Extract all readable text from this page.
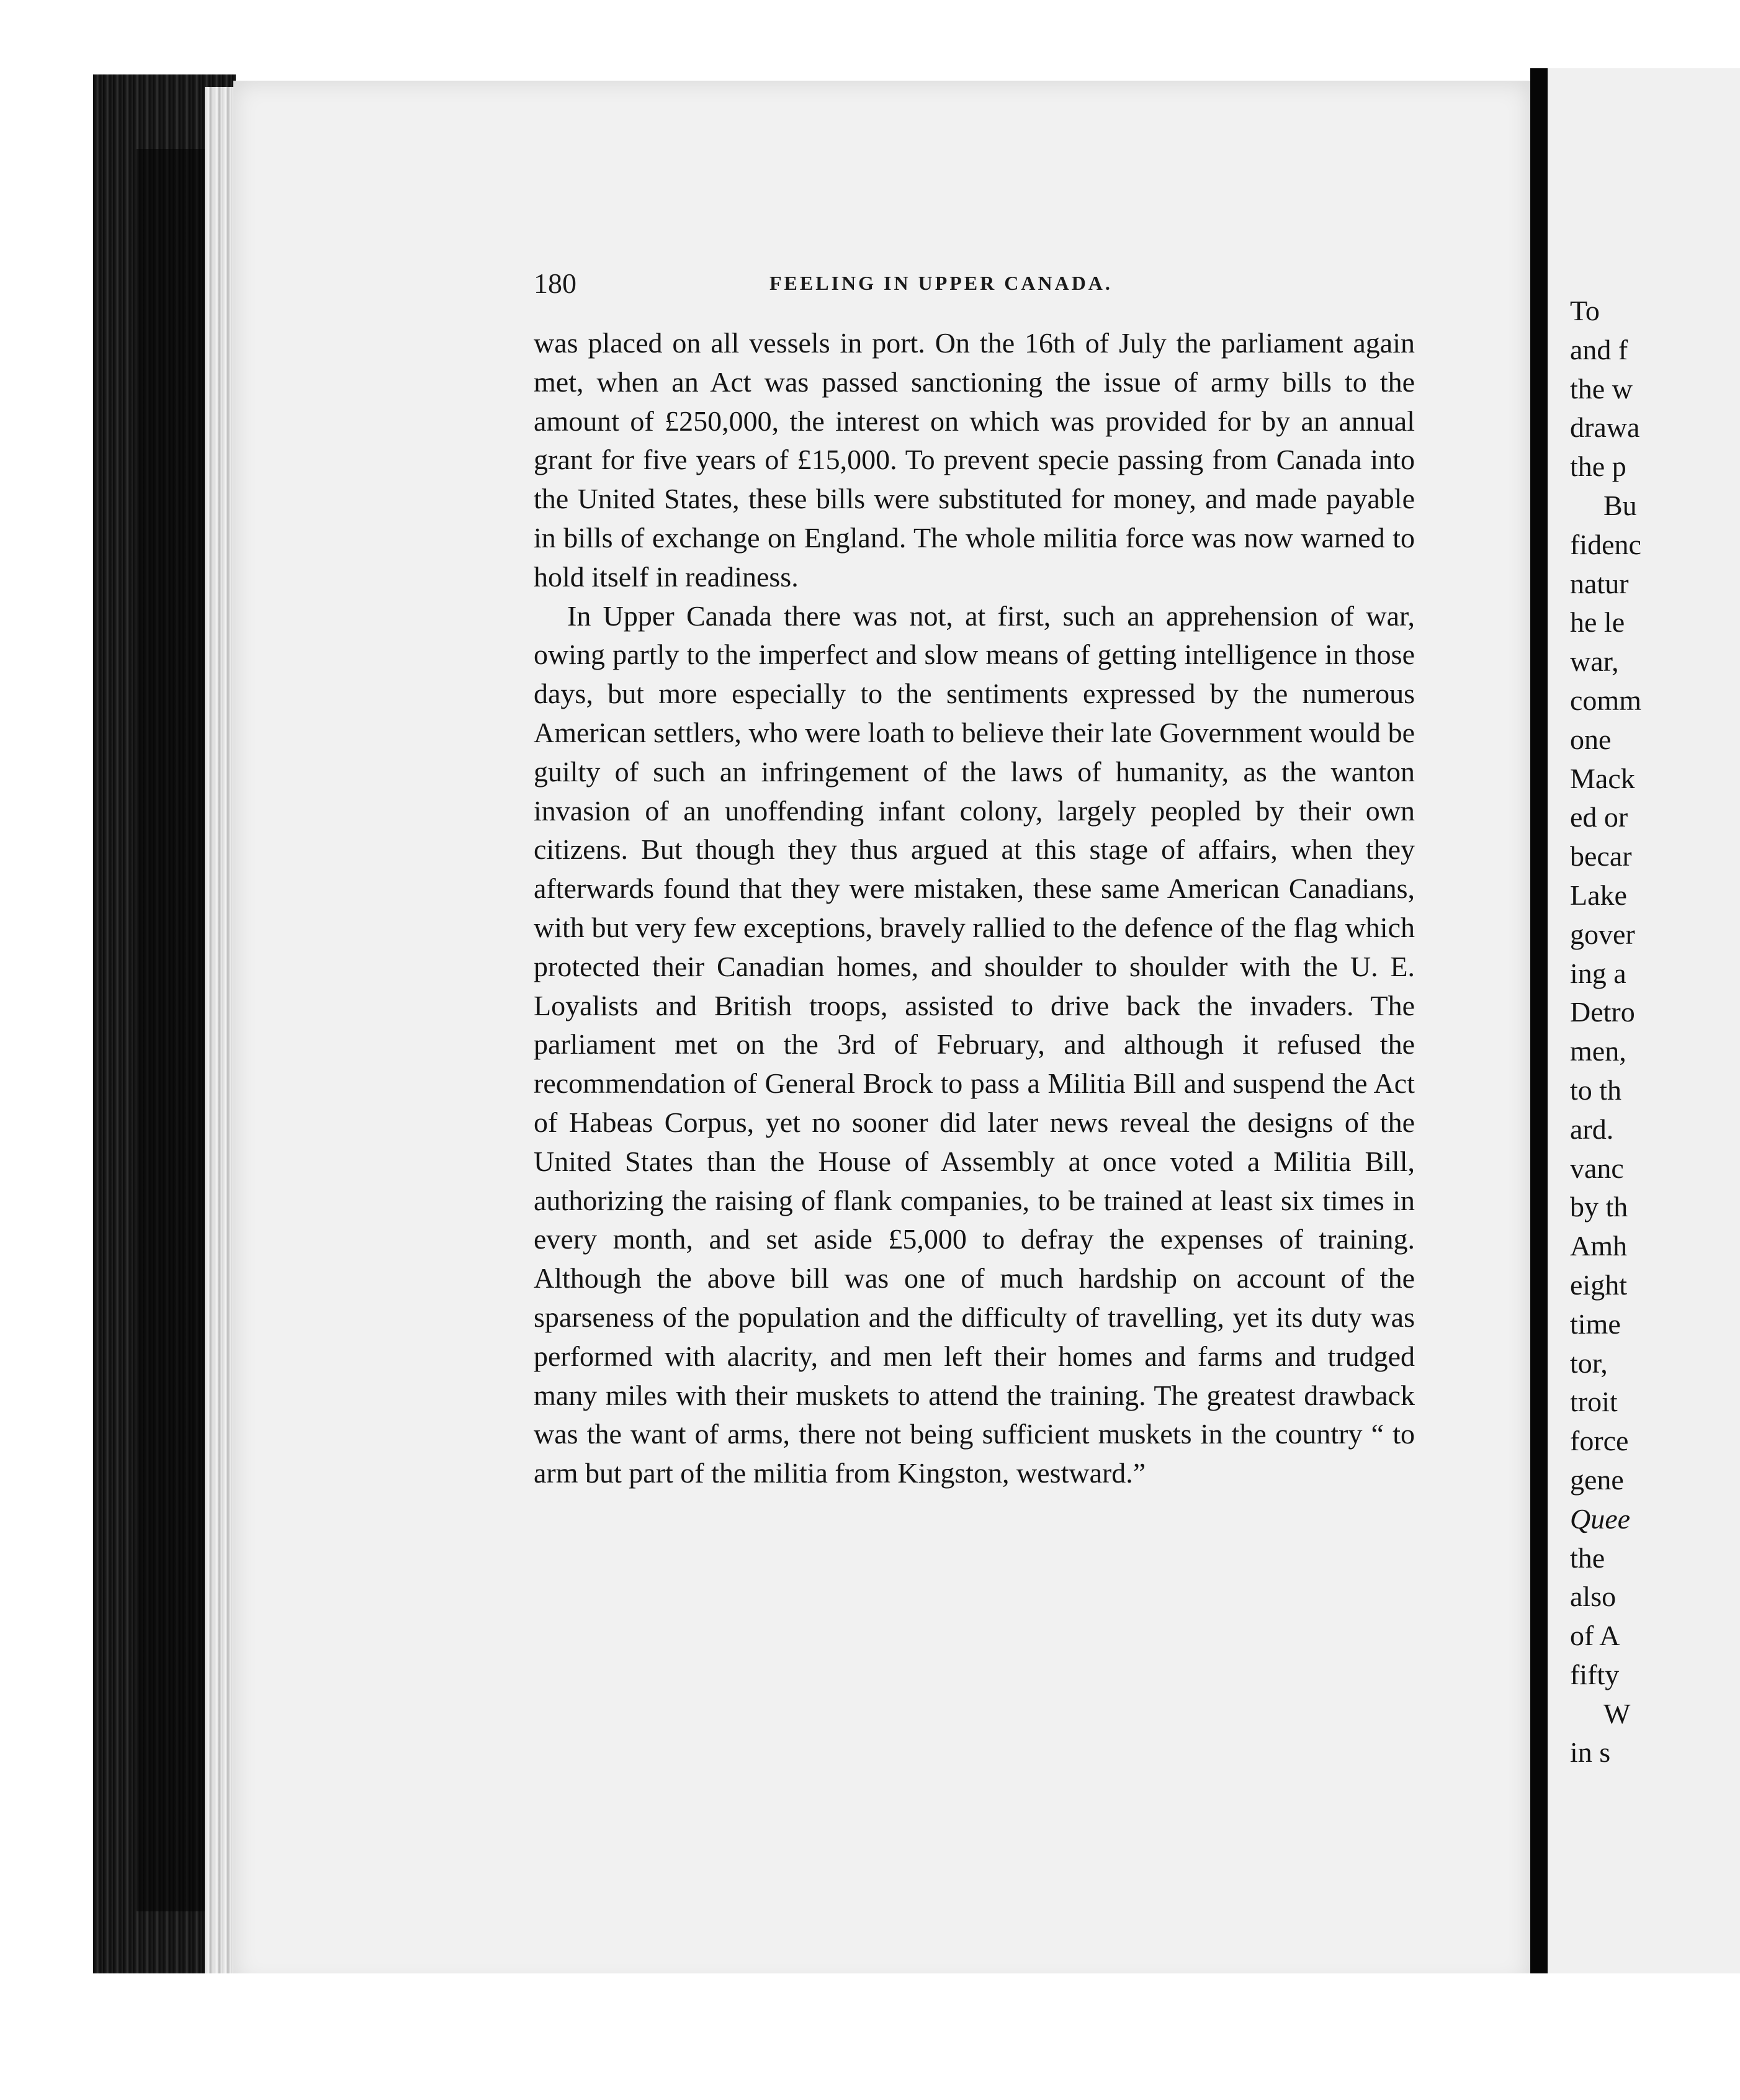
180	FEELING IN UPPER CANADA.

was placed on all vessels in port. On the 16th of July the parliament again met, when an Act was passed sanctioning the issue of army bills to the amount of £250,000, the interest on which was provided for by an annual grant for five years of £15,000. To prevent specie passing from Canada into the United States, these bills were substituted for money, and made payable in bills of exchange on England. The whole militia force was now warned to hold itself in readiness.

In Upper Canada there was not, at first, such an apprehension of war, owing partly to the imperfect and slow means of getting intelligence in those days, but more especially to the sentiments expressed by the numerous American settlers, who were loath to believe their late Government would be guilty of such an infringement of the laws of humanity, as the wanton invasion of an unoffending infant colony, largely peopled by their own citizens. But though they thus argued at this stage of affairs, when they afterwards found that they were mistaken, these same American Canadians, with but very few exceptions, bravely rallied to the defence of the flag which protected their Canadian homes, and shoulder to shoulder with the U. E. Loyalists and British troops, assisted to drive back the invaders. The parliament met on the 3rd of February, and although it refused the recommendation of General Brock to pass a Militia Bill and suspend the Act of Habeas Corpus, yet no sooner did later news reveal the designs of the United States than the House of Assembly at once voted a Militia Bill, authorizing the raising of flank companies, to be trained at least six times in every month, and set aside £5,000 to defray the expenses of training. Although the above bill was one of much hardship on account of the sparseness of the population and the difficulty of travelling, yet its duty was performed with alacrity, and men left their homes and farms and trudged many miles with their muskets to attend the training. The greatest drawback was the want of arms, there not being sufficient muskets in the country “ to arm but part of the militia from Kingston, westward.”

To
and f
the w
drawa
the p
Bu
fidenc
natur
he le
war,
comm
one
Mack
ed or
becar
Lake
gover
ing a
Detro
men,
to th
ard.
vanc
by th
Amh
eight
time
tor,
troit
force
gene
Quee
the
also
of A
fifty
W
in s
